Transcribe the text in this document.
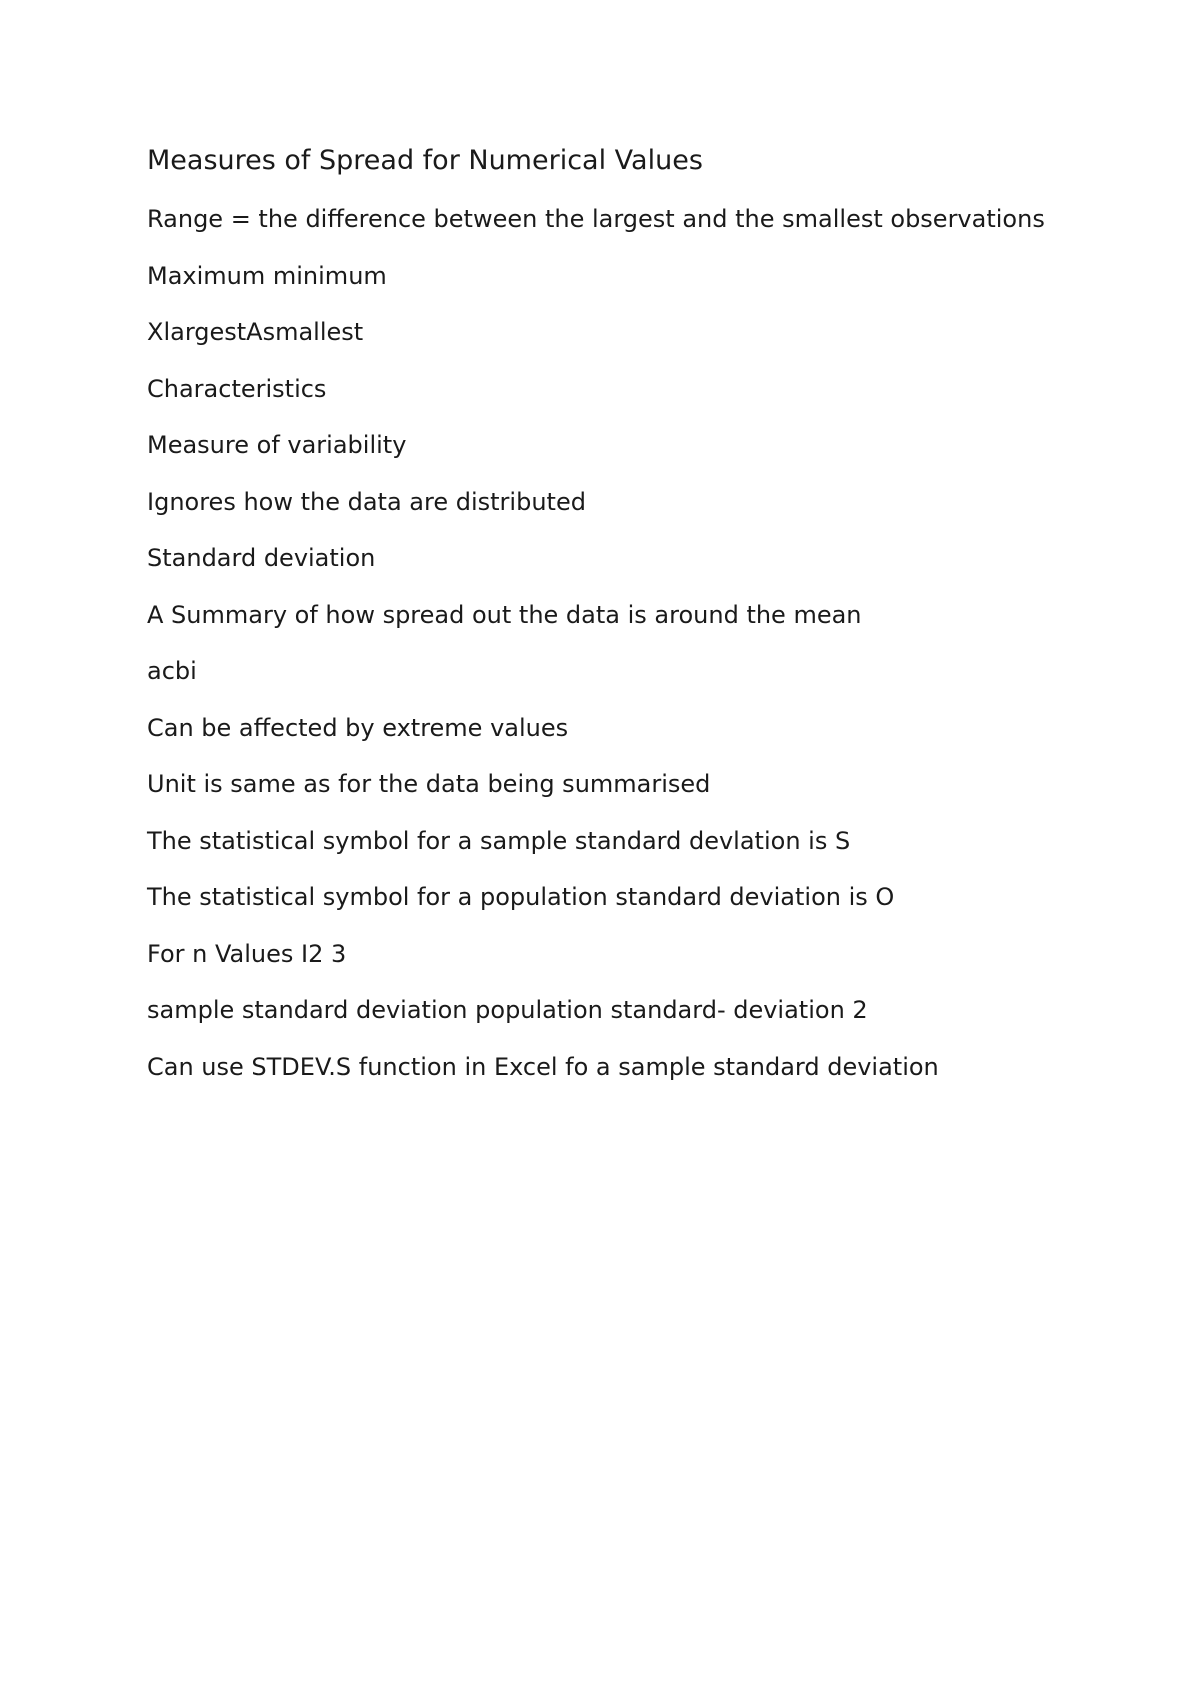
Measures of Spread for Numerical Values
Range = the difference between the largest and the smallest observations
Maximum minimum
XlargestAsmallest
Characteristics
Measure of variability
Ignores how the data are distributed
Standard deviation
A Summary of how spread out the data is around the mean
acbi
Can be affected by extreme values
Unit is same as for the data being summarised
The statistical symbol for a sample standard devlation is S
The statistical symbol for a population standard deviation is O
For n Values I2 3
sample standard deviation population standard- deviation 2
Can use STDEV.S function in Excel fo a sample standard deviation
